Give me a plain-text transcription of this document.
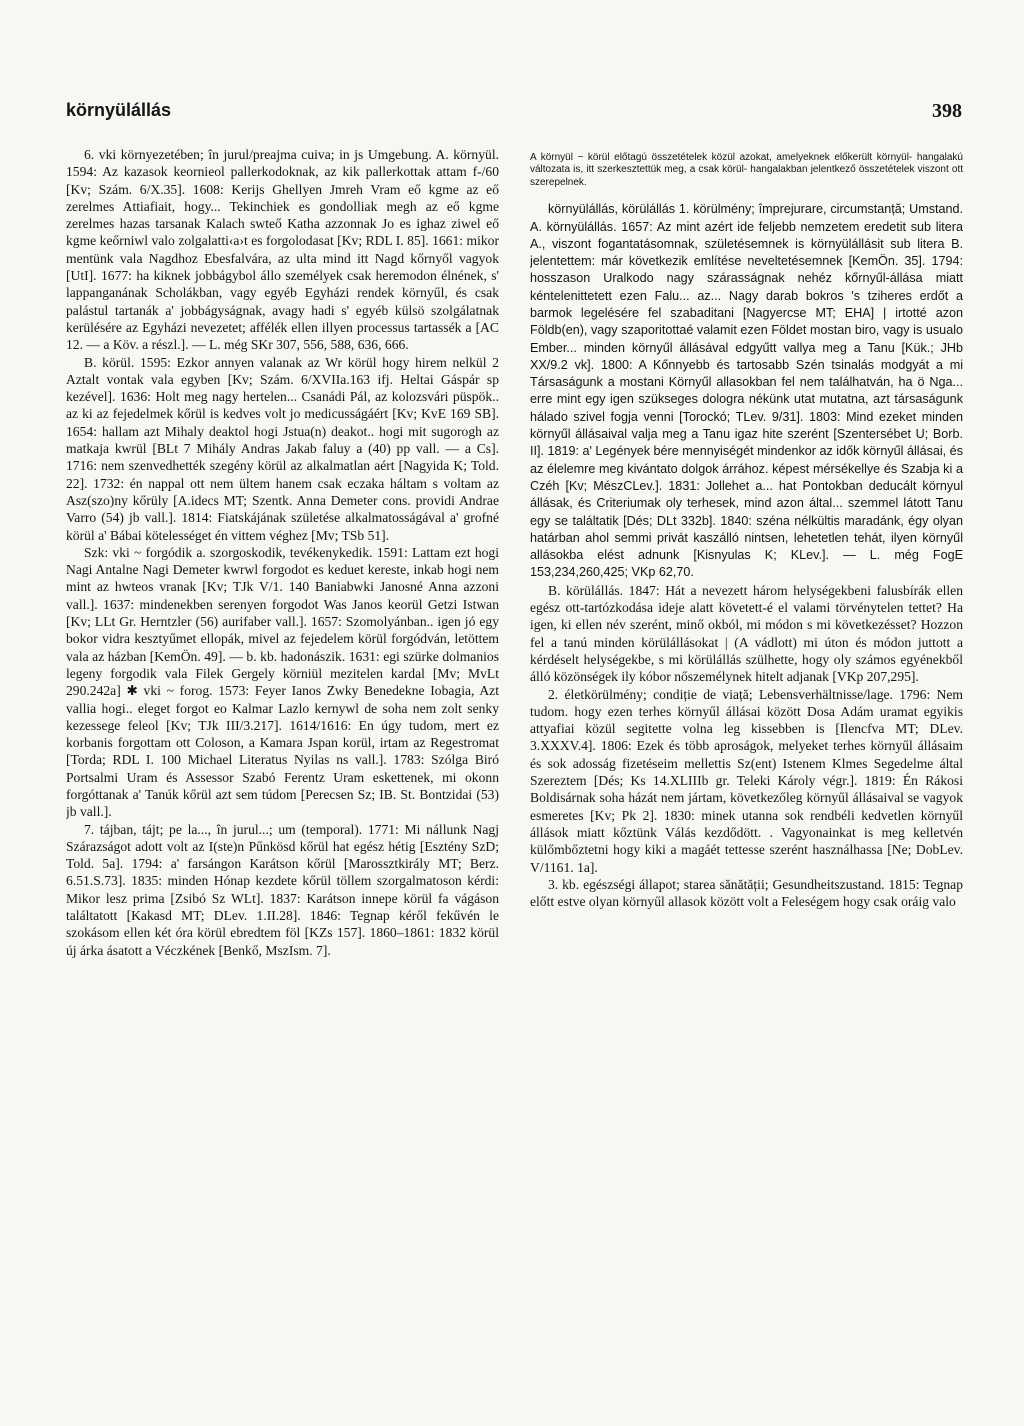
környülállás	398

6. vki környezetében; în jurul/preajma cuiva; in js Umgebung. A. környül. 1594: Az kazasok keornieol pallerkodoknak, az kik pallerkottak attam f-/60 [Kv; Szám. 6/X.35]. 1608: Kerijs Ghellyen Jmreh Vram eő kgme az eő zerelmes Attiafiait, hogy... Tekinchiek es gondolliak megh az eő kgme zerelmes hazas tarsanak Kalach swteő Katha azzonnak Jo es ighaz ziwel eő kgme keőrniwl valo zolgalatti‹a›t es forgolodasat [Kv; RDL I. 85]. 1661: mikor mentünk vala Nagdhoz Ebesfalvára, az ulta mind itt Nagd kőrnyől vagyok [UtI]. 1677: ha kiknek jobbágybol állo személyek csak heremodon élnének, s' lappanganának Scholákban, vagy egyéb Egyházi rendek környűl, és csak palástul tartanák a' jobbágyságnak, avagy hadi s' egyéb külsö szolgálatnak kerülésére az Egyházi nevezetet; affélék ellen illyen processus tartassék a [AC 12. — a Köv. a részl.]. — L. még SKr 307, 556, 588, 636, 666.

B. körül. 1595: Ezkor annyen valanak az Wr körül hogy hirem nelkül 2 Aztalt vontak vala egyben [Kv; Szám. 6/XVIIa.163 ifj. Heltai Gáspár sp kezével]. 1636: Holt meg nagy hertelen... Csanádi Pál, az kolozsvári püspök.. az ki az fejedelmek kőrül is kedves volt jo medicusságáért [Kv; KvE 169 SB]. 1654: hallam azt Mihaly deaktol hogi Jstua(n) deakot.. hogi mit sugorogh az matkaja kwrül [BLt 7 Mihály Andras Jakab faluy a (40) pp vall. — a Cs]. 1716: nem szenvedhették szegény körül az alkalmatlan aért [Nagyida K; Told. 22]. 1732: én nappal ott nem ültem hanem csak eczaka háltam s voltam az Asz(szo)ny kőrüly [A.idecs MT; Szentk. Anna Demeter cons. providi Andrae Varro (54) jb vall.]. 1814: Fiatskájának születése alkalmatosságával a' grofné körül a' Bábai kötelességet én vittem véghez [Mv; TSb 51].

Szk: vki ~ forgódik a. szorgoskodik, tevékenykedik. 1591: Lattam ezt hogi Nagi Antalne Nagi Demeter kwrwl forgodot es keduet kereste, inkab hogi nem mint az hwteos vranak [Kv; TJk V/1. 140 Baniabwki Janosné Anna azzoni vall.]. 1637: mindenekben serenyen forgodot Was Janos keorül Getzi Istwan [Kv; LLt Gr. Herntzler (56) aurifaber vall.]. 1657: Szomolyánban.. igen jó egy bokor vidra kesztyűmet ellopák, mivel az fejedelem körül forgódván, letöttem vala az házban [KemÖn. 49]. — b. kb. hadonászik. 1631: egi szürke dolmanios legeny forgodik vala Filek Gergely körniül mezitelen kardal [Mv; MvLt 290.242a] ✱ vki ~ forog. 1573: Feyer Ianos Zwky Benedekne Iobagia, Azt vallia hogi.. eleget forgot eo Kalmar Lazlo kernywl de soha nem zolt senky kezessege feleol [Kv; TJk III/3.217]. 1614/1616: En úgy tudom, mert ez korbanis forgottam ott Coloson, a Kamara Jspan korül, irtam az Regestromat [Torda; RDL I. 100 Michael Literatus Nyilas ns vall.]. 1783: Szólga Biró Portsalmi Uram és Assessor Szabó Ferentz Uram eskettenek, mi okonn forgóttanak a' Tanúk kőrül azt sem túdom [Perecsen Sz; IB. St. Bontzidai (53) jb vall.].

7. tájban, tájt; pe la..., în jurul...; um (temporal). 1771: Mi nállunk Nagj Szárazságot adott volt az I(ste)n Pűnkösd kőrül hat egész hétig [Esztény SzD; Told. 5a]. 1794: a' farsángon Karátson kőrül [Marossztkirály MT; Berz. 6.51.S.73]. 1835: minden Hónap kezdete kőrül töllem szorgalmatoson kérdi: Mikor lesz prima [Zsibó Sz WLt]. 1837: Karátson innepe körül fa vágáson találtatott [Kakasd MT; DLev. 1.II.28]. 1846: Tegnap kéről fekűvén le szokásom ellen két óra körül ebredtem föl [KZs 157]. 1860–1861: 1832 körül új árka ásatott a Véczkének [Benkő, MszIsm. 7].

A környül ~ körül előtagú összetételek közül azokat, amelyeknek előkerült környül- hangalakú változata is, itt szerkesztettük meg, a csak körül- hangalakban jelentkező összetételek viszont ott szerepelnek.

környülállás, körülállás 1. körülmény; împrejurare, circumstanță; Umstand. A. környülállás. 1657: Az mint azért ide feljebb nemzetem eredetit sub litera A., viszont fogantatásomnak, születésemnek is környülállásit sub litera B. jelentettem: már következik említése neveltetésemnek [KemÖn. 35]. 1794: hosszason Uralkodo nagy szárasságnak nehéz kőrnyűl-állása miatt kéntelenittetett ezen Falu... az... Nagy darab bokros 's tziheres erdőt a barmok legelésére fel szabaditani [Nagyercse MT; EHA] | irtotté azon Földb(en), vagy szaporitottaé valamit ezen Földet mostan biro, vagy is usualo Ember... minden környűl állásával edgyűtt vallya meg a Tanu [Kük.; JHb XX/9.2 vk]. 1800: A Kőnnyebb és tartosabb Szén tsinalás modgyát a mi Társaságunk a mostani Környűl allasokban fel nem találhatván, ha ö Nga... erre mint egy igen szükseges dologra nékünk utat mutatna, azt társaságunk hálado szivel fogja venni [Torockó; TLev. 9/31]. 1803: Mind ezeket minden környűl állásaival valja meg a Tanu igaz hite szerént [Szentersébet U; Borb. II]. 1819: a' Legények bére mennyiségét mindenkor az idők környűl állásai, és az élelemre meg kivántato dolgok árrához. képest mérsékellye és Szabja ki a Czéh [Kv; MészCLev.]. 1831: Jollehet a... hat Pontokban deducált környul állásak, és Criteriumak oly terhesek, mind azon által... szemmel látott Tanu egy se találtatik [Dés; DLt 332b]. 1840: széna nélkültis maradánk, égy olyan határban ahol semmi privát kaszálló nintsen, lehetetlen tehát, ilyen környűl allásokba elést adnunk [Kisnyulas K; KLev.]. — L. még FogE 153,234,260,425; VKp 62,70.

B. körülállás. 1847: Hát a nevezett három helységekbeni falusbírák ellen egész ott-tartózkodása ideje alatt követett-é el valami törvénytelen tettet? Ha igen, ki ellen név szerént, minő okból, mi módon s mi következésset? Hozzon fel a tanú minden körülállásokat | (A vádlott) mi úton és módon juttott a kérdéselt helységekbe, s mi körülállás szülhette, hogy oly számos egyénekből álló közönségek ily kóbor nőszemélynek hitelt adjanak [VKp 207,295].

2. életkörülmény; condiție de viață; Lebensverhältnisse/lage. 1796: Nem tudom. hogy ezen terhes környűl állásai között Dosa Adám uramat egyikis attyafiai közül segitette volna leg kissebben is [Ilencfva MT; DLev. 3.XXXV.4]. 1806: Ezek és több aproságok, melyeket terhes környűl állásaim és sok adosság fizetéseim mellettis Sz(ent) Istenem Klmes Segedelme által Szereztem [Dés; Ks 14.XLIIIb gr. Teleki Károly végr.]. 1819: Én Rákosi Boldisárnak soha házát nem jártam, következőleg környűl állásaival se vagyok esmeretes [Kv; Pk 2]. 1830: minek utanna sok rendbéli kedvetlen környűl állások miatt kőztünk Válás kezdődött. . Vagyonainkat is meg kelletvén külőmbőztetni hogy kiki a magáét tettesse szerént használhassa [Ne; DobLev. V/1161. 1a].

3. kb. egészségi állapot; starea sănătății; Gesundheitszustand. 1815: Tegnap előtt estve olyan környűl allasok között volt a Feleségem hogy csak oráig valo
